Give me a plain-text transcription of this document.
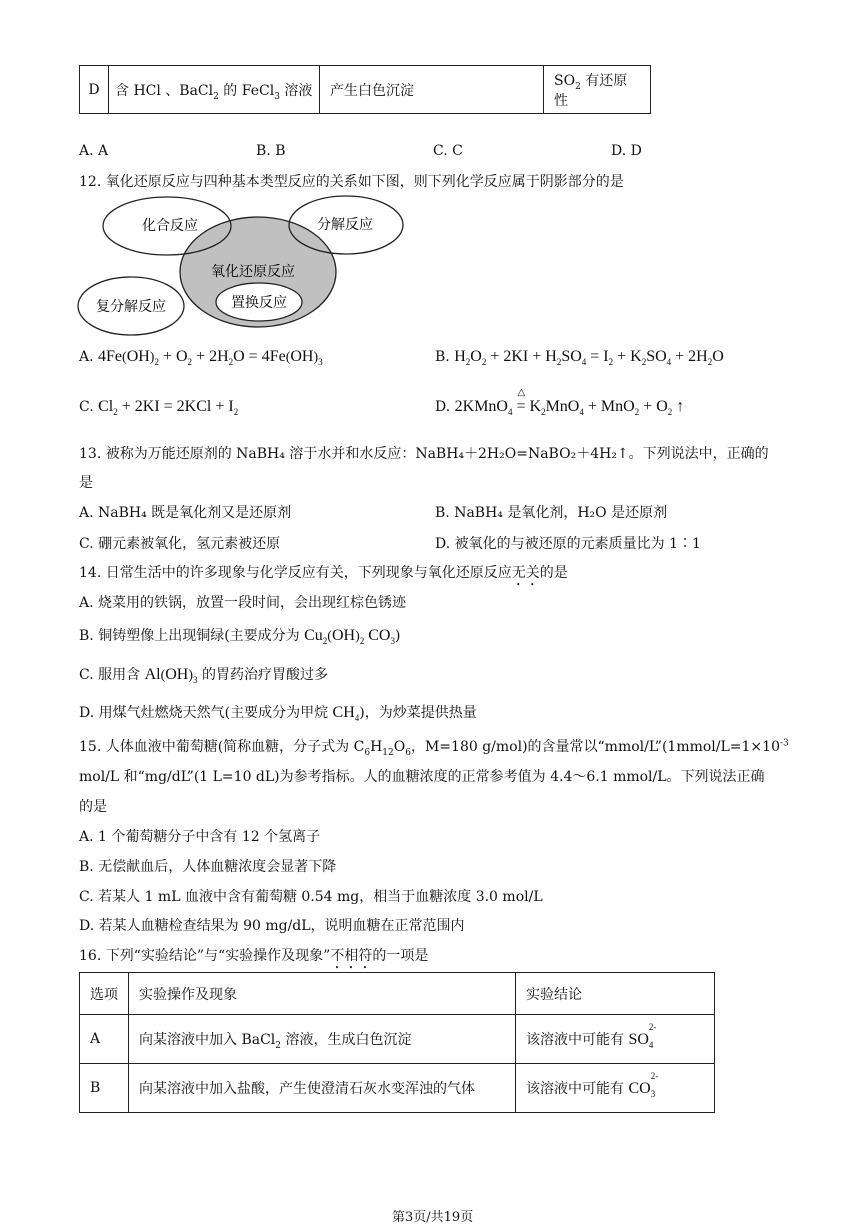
D	含 HCl 、BaCl$_2$ 的 FeCl$_3$ 溶液	产生白色沉淀	$SO_2$ 有还原性
A. A	B. B	C. C	D. D
12. 氧化还原反应与四种基本类型反应的关系如下图，则下列化学反应属于阴影部分的是
化合反应	分解反应
氧化还原反应
置换反应
复分解反应
A. $4Fe(OH)_2 + O_2 + 2H_2O = 4Fe(OH)_3$	B. $H_2O_2 + 2KI + H_2SO_4 = I_2 + K_2SO_4 + 2H_2O$
C. $Cl_2 + 2KI = 2KCl + I_2$	D. 2KMnO$_4$
△
= $K_2MnO_4 + MnO_2 + O_2$ ↑
13. 被称为万能还原剂的 NaBH₄ 溶于水并和水反应：NaBH₄＋2H₂O=NaBO₂＋4H₂↑。下列说法中，正确的
是
A. NaBH₄ 既是氧化剂又是还原剂	B. NaBH₄ 是氧化剂，H₂O 是还原剂
C. 硼元素被氧化，氢元素被还原	D. 被氧化的与被还原的元素质量比为 1∶1
14. 日常生活中的许多现象与化学反应有关，下列现象与氧化还原反应无关的是
A. 烧菜用的铁锅，放置一段时间，会出现红棕色锈迹
B. 铜铸塑像上出现铜绿(主要成分为 $Cu_2(OH)_2$ $CO_3$)
C. 服用含 $Al(OH)_3$ 的胃药治疗胃酸过多
D. 用煤气灶燃烧天然气(主要成分为甲烷 $CH_4$)，为炒菜提供热量
15. 人体血液中葡萄糖(简称血糖，分子式为 $C_6H_{12}O_6$，M=180 g/mol)的含量常以“$mmol/L”(1mmol/L=1\times 10^{-3}$
mol/L 和“mg/dL”(1 L=10 dL)为参考指标。人的血糖浓度的正常参考值为 4.4～6.1 mmol/L。下列说法正确
的是
A. 1 个葡萄糖分子中含有 12 个氢离子
B. 无偿献血后，人体血糖浓度会显著下降
C. 若某人 1 mL 血液中含有葡萄糖 0.54 mg，相当于血糖浓度 3.0 mol/L
D. 若某人血糖检查结果为 90 mg/dL，说明血糖在正常范围内
16. 下列“实验结论”与“实验操作及现象”不相符的一项是
选项	实验操作及现象	实验结论
A	向某溶液中加入 BaCl$_2$ 溶液，生成白色沉淀	该溶液中可能有 SO
2-
$_4$
B	向某溶液中加入盐酸，产生使澄清石灰水变浑浊的气体	该溶液中可能有 CO
2-
$_3$
第3页/共19页
